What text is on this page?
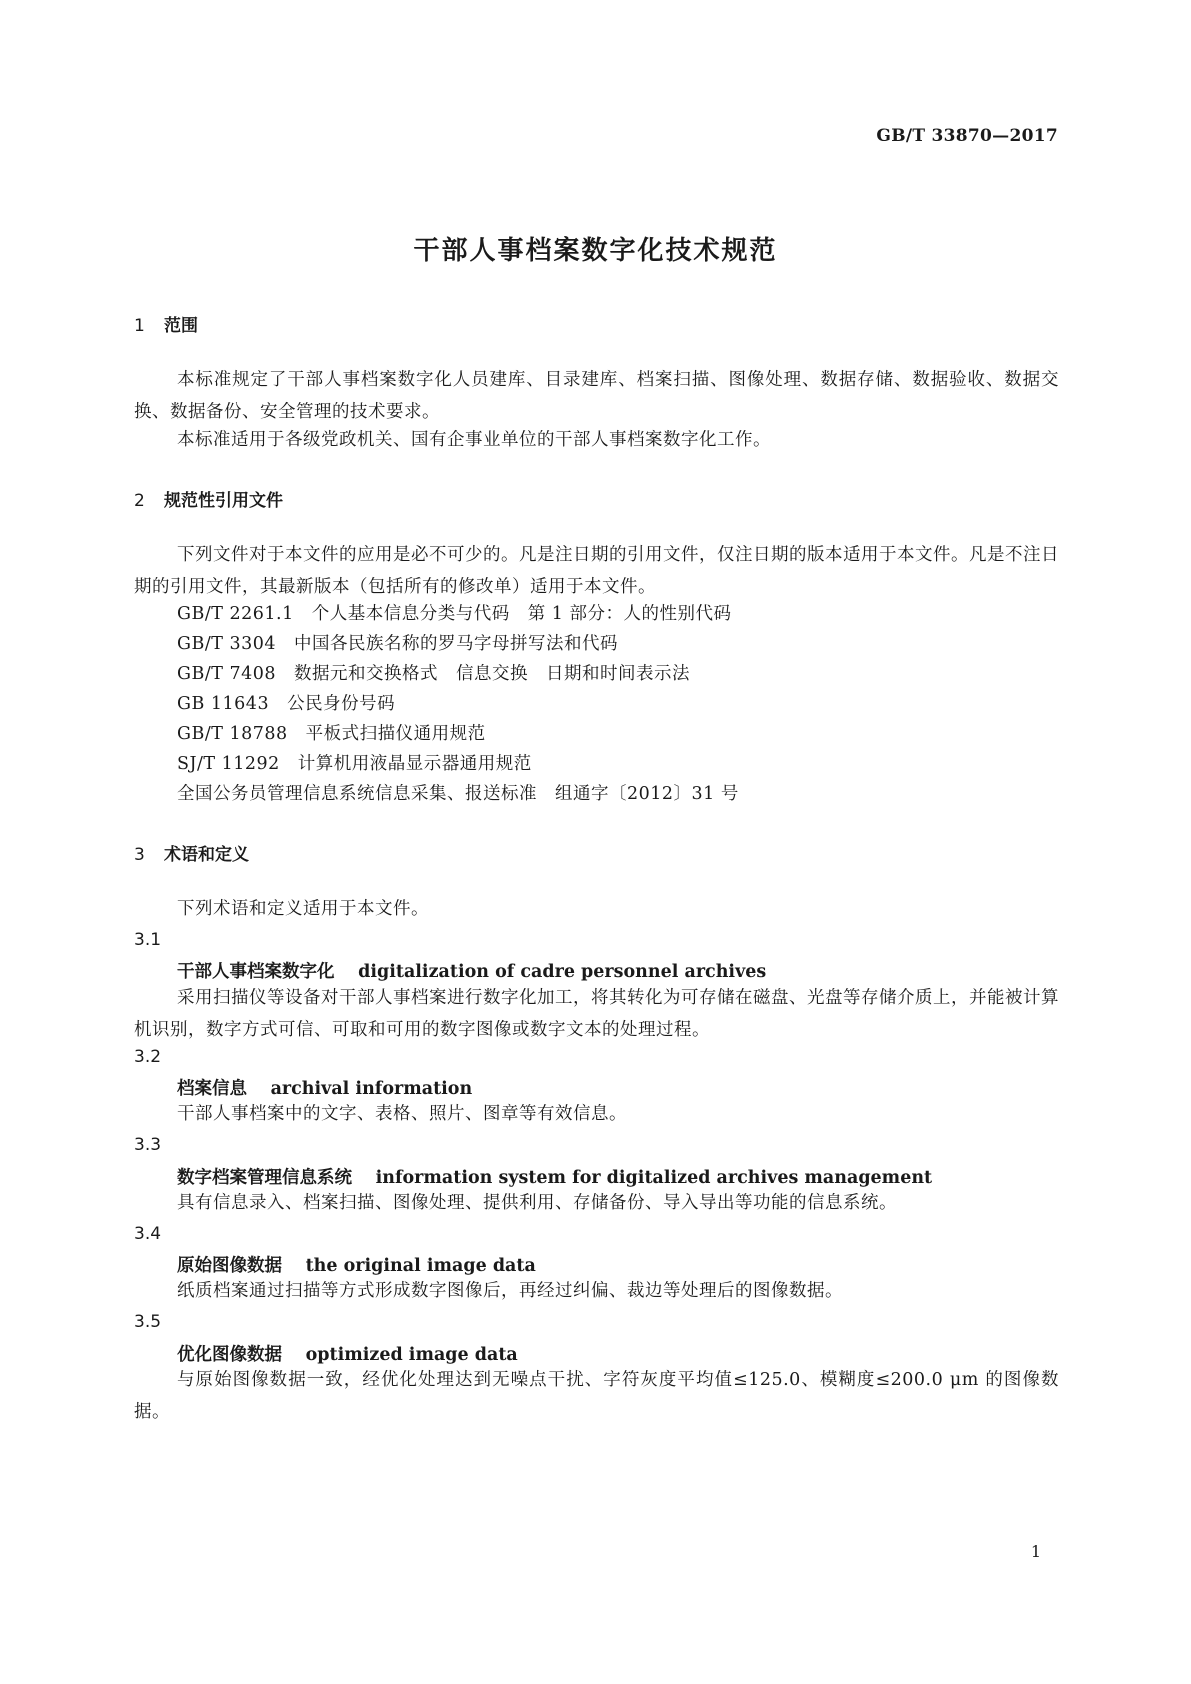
GB/T 33870—2017
干部人事档案数字化技术规范
1 范围

本标准规定了干部人事档案数字化人员建库、目录建库、档案扫描、图像处理、数据存储、数据验收、数据交换、数据备份、安全管理的技术要求。

本标准适用于各级党政机关、国有企事业单位的干部人事档案数字化工作。

2 规范性引用文件

下列文件对于本文件的应用是必不可少的。凡是注日期的引用文件，仅注日期的版本适用于本文件。凡是不注日期的引用文件，其最新版本（包括所有的修改单）适用于本文件。

GB/T 2261.1　个人基本信息分类与代码　第 1 部分：人的性别代码
GB/T 3304　中国各民族名称的罗马字母拼写法和代码
GB/T 7408　数据元和交换格式　信息交换　日期和时间表示法
GB 11643　公民身份号码
GB/T 18788　平板式扫描仪通用规范
SJ/T 11292　计算机用液晶显示器通用规范
全国公务员管理信息系统信息采集、报送标准　组通字〔2012〕31 号
3 术语和定义

下列术语和定义适用于本文件。

3.1
干部人事档案数字化　 digitalization of cadre personnel archives

采用扫描仪等设备对干部人事档案进行数字化加工，将其转化为可存储在磁盘、光盘等存储介质上，并能被计算机识别，数字方式可信、可取和可用的数字图像或数字文本的处理过程。

3.2
档案信息　 archival information

干部人事档案中的文字、表格、照片、图章等有效信息。

3.3
数字档案管理信息系统　 information system for digitalized archives management

具有信息录入、档案扫描、图像处理、提供利用、存储备份、导入导出等功能的信息系统。

3.4
原始图像数据　 the original image data

纸质档案通过扫描等方式形成数字图像后，再经过纠偏、裁边等处理后的图像数据。

3.5
优化图像数据　 optimized image data

与原始图像数据一致，经优化处理达到无噪点干扰、字符灰度平均值≤125.0、模糊度≤200.0 μm 的图像数据。

1
